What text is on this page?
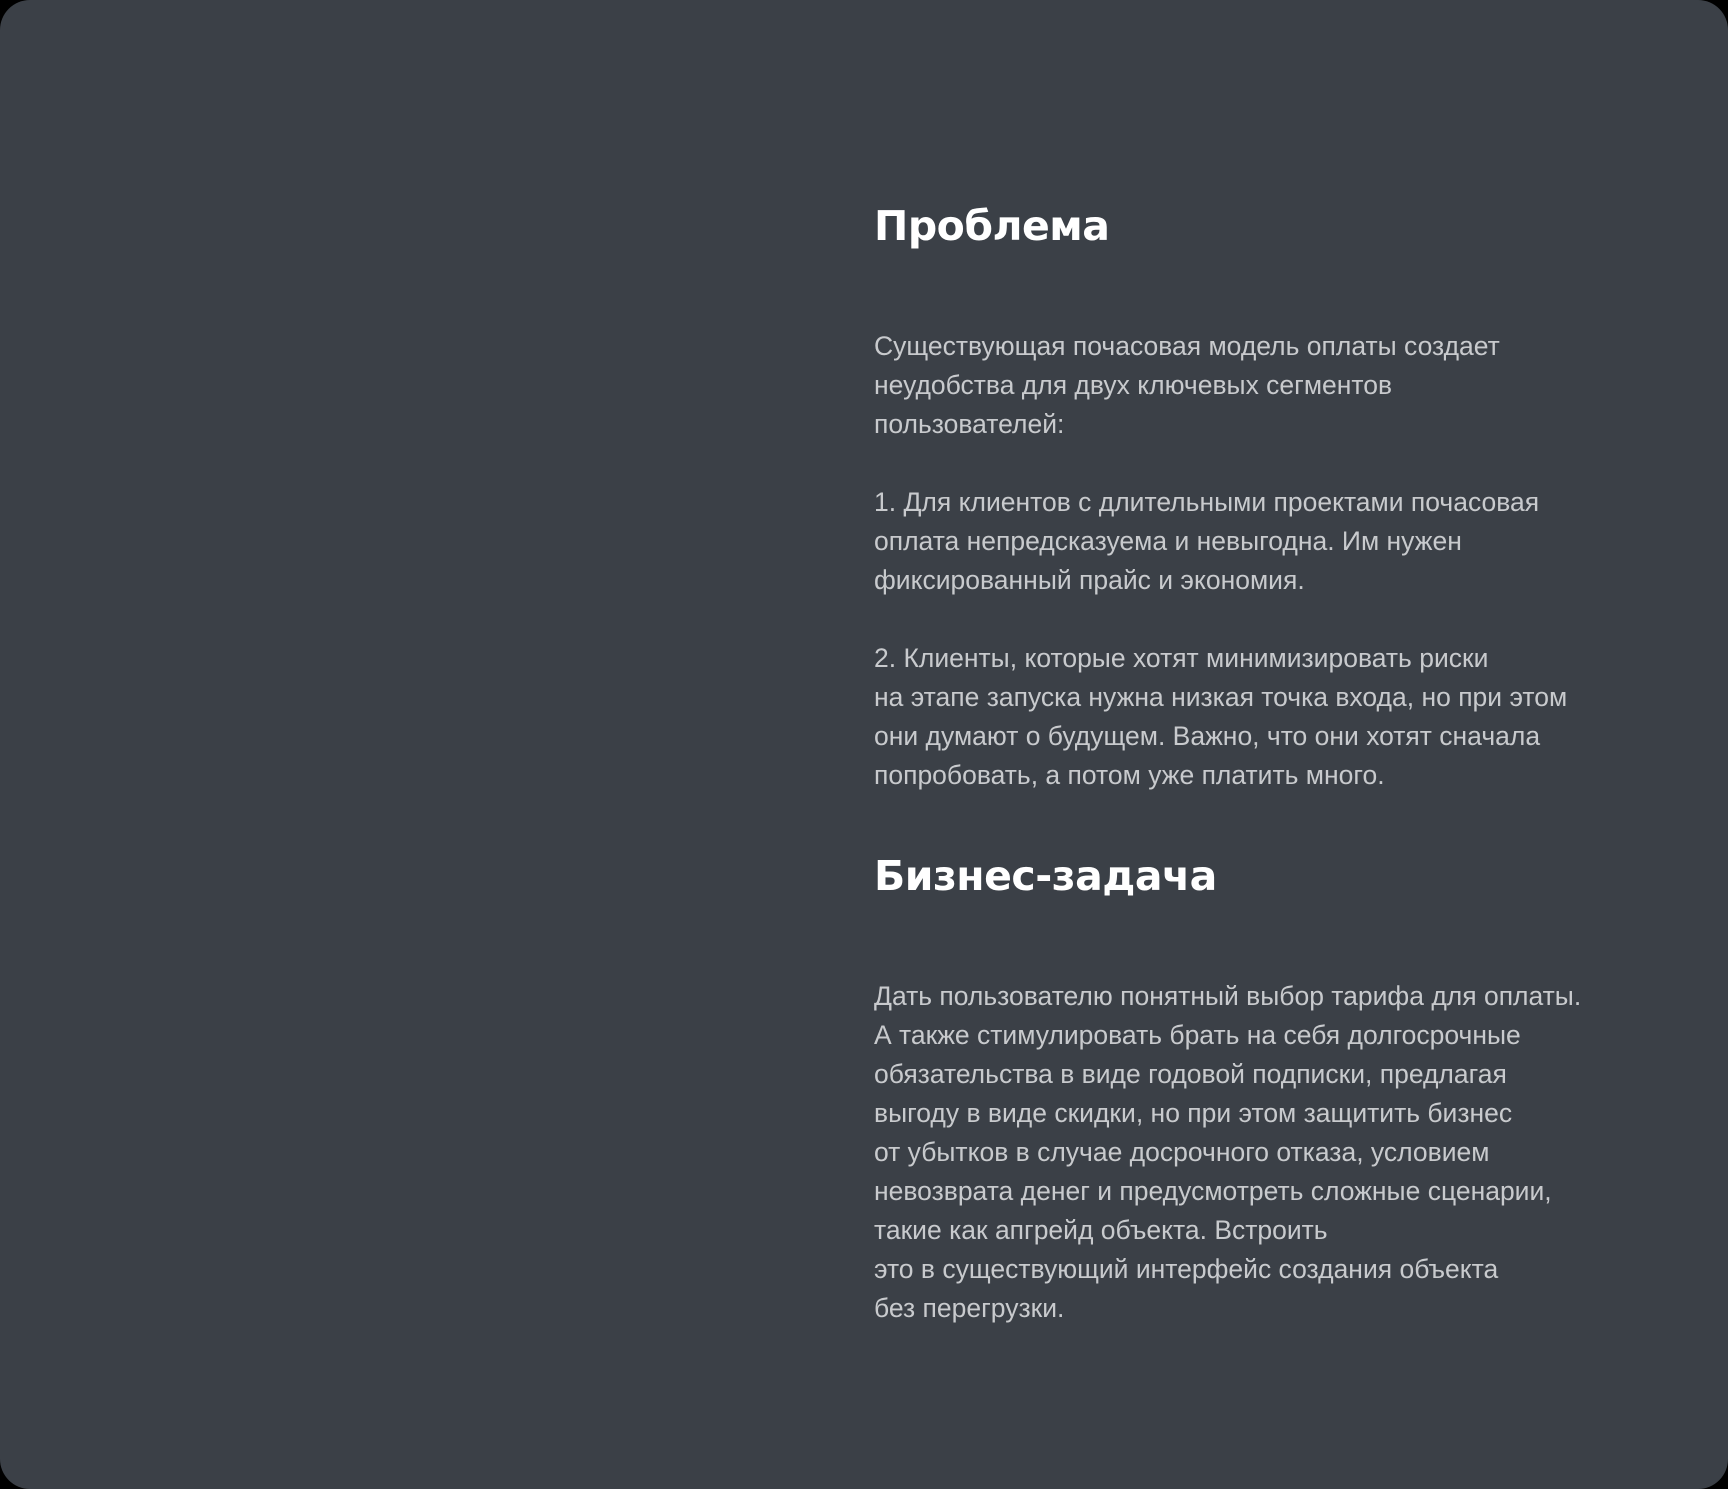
Проблема

Существующая почасовая модель оплаты создает
неудобства для двух ключевых сегментов
пользователей:
1. Для клиентов с длительными проектами почасовая
оплата непредсказуема и невыгодна. Им нужен
фиксированный прайс и экономия.
2. Клиенты, которые хотят минимизировать риски
на этапе запуска нужна низкая точка входа, но при этом
они думают о будущем. Важно, что они хотят сначала
попробовать, а потом уже платить много.

Бизнес-задача

Дать пользователю понятный выбор тарифа для оплаты.
А также стимулировать брать на себя долгосрочные
обязательства в виде годовой подписки, предлагая
выгоду в виде скидки, но при этом защитить бизнес
от убытков в случае досрочного отказа, условием
невозврата денег и предусмотреть сложные сценарии,
такие как апгрейд объекта. Встроить
это в существующий интерфейс создания объекта
без перегрузки.
